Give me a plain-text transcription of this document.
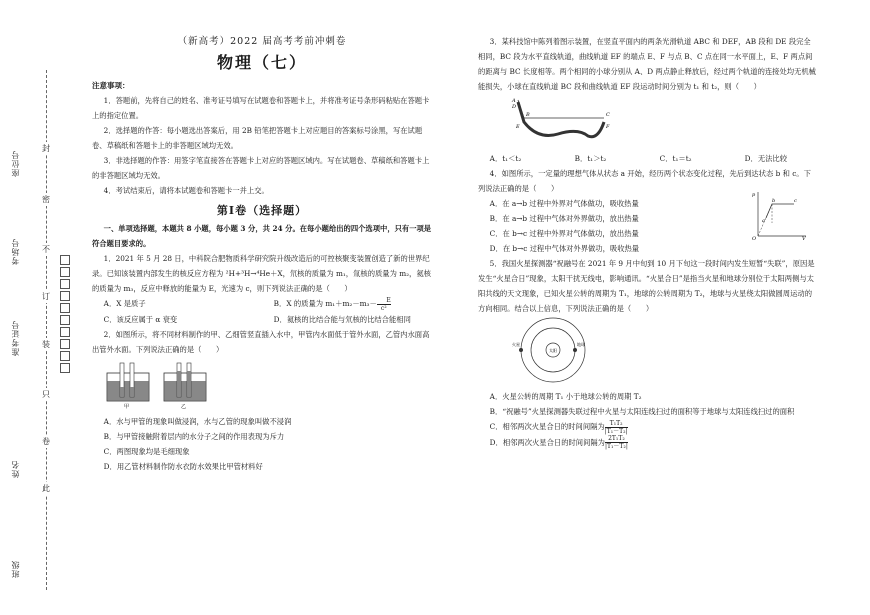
座位号
考场号
准考证号
姓名
班级
封
密
不
订
装
只
卷
此
（新高考）2022 届高考考前冲刺卷
物理（七）
注意事项：

1．答题前，先将自己的姓名、准考证号填写在试题卷和答题卡上，并将准考证号条形码粘贴在答题卡上的指定位置。

2．选择题的作答：每小题选出答案后，用 2B 铅笔把答题卡上对应题目的答案标号涂黑，写在试题卷、草稿纸和答题卡上的非答题区域均无效。

3．非选择题的作答：用签字笔直接答在答题卡上对应的答题区域内。写在试题卷、草稿纸和答题卡上的非答题区域均无效。

4．考试结束后，请将本试题卷和答题卡一并上交。

第Ⅰ卷（选择题）

一、单项选择题，本题共 8 小题，每小题 3 分，共 24 分。在每小题给出的四个选项中，只有一项是符合题目要求的。

1．2021 年 5 月 28 日，中科院合肥物质科学研究院升级改造后的可控核聚变装置创造了新的世界纪录。已知该装置内部发生的核反应方程为 ²H+³H→⁴He＋X，氘核的质量为 m₁，氚核的质量为 m₂，氦核的质量为 m₃，反应中释放的能量为 E，光速为 c，则下列说法正确的是（　　）

A．X 是质子	B．X 的质量为 $m_1+m_2-m_3- \frac{E}{\text{c²}}$
C．该反应属于 α 衰变	D．氦核的比结合能与氘核的比结合能相同

2．如图所示，将不同材料制作的甲、乙细管竖直插入水中，甲管内水面低于管外水面，乙管内水面高出管外水面。下列说法正确的是（　　）

甲	乙

A．水与甲管的现象叫做浸润，水与乙管的现象叫做不浸润

B．与甲管接触附着层内的水分子之间的作用表现为斥力

C．两图现象均是毛细现象

D．用乙管材料制作防水衣防水效果比甲管材料好

3．某科技馆中陈列着图示装置，在竖直平面内的两条光滑轨道 ABC 和 DEF，AB 段和 DE 段完全相同，BC 段为水平直线轨道，曲线轨道 EF 的端点 E、F 与点 B、C 点在同一水平面上，E、F 两点间的距离与 BC 长度相等。两个相同的小球分别从 A、D 两点静止释放后，经过两个轨道的连接处均无机械能损失，小球在直线轨道 BC 段和曲线轨道 EF 段运动时间分别为 t₁ 和 t₂，则（　　）

A
B	C
D
E	F
A．t₁＜t₂	B．t₁＞t₂	C．t₁＝t₂	D．无法比较

4．如图所示，一定量的理想气体从状态 a 开始，经历两个状态变化过程，先后到达状态 b 和 c。下列说法正确的是（　　）

A．在 a→b 过程中外界对气体做功，吸收热量

B．在 a→b 过程中气体对外界做功，放出热量

C．在 b→c 过程中外界对气体做功，放出热量

D．在 b→c 过程中气体对外界做功，吸收热量

p
a
b	c
O	V

5．我国火星探测器“祝融号在 2021 年 9 月中旬到 10 月下旬这一段时间内发生短暂“失联”，原因是发生“火星合日”现象，太阳干扰无线电，影响通讯。“火星合日”是指当火星和地球分别位于太阳两侧与太阳共线的天文现象，已知火星公转的周期为 T₁，地球的公转周期为 T₂，地球与火星绕太阳做圆周运动的方向相同。结合以上信息，下列说法正确的是（　　）

火星
太阳
地球

A．火星公转的周期 T₁ 小于地球公转的周期 T₂

B．“祝融号”火星探测器失联过程中火星与太阳连线扫过的面积等于地球与太阳连线扫过的面积

C．相邻两次火星合日的时间间隔为 $\frac{\text{T₁T₂}}{\text{|T₁－T₂|}}$

D．相邻两次火星合日的时间间隔为 $\frac{\text{2T₁T₂}}{\text{|T₁－T₂|}}$
